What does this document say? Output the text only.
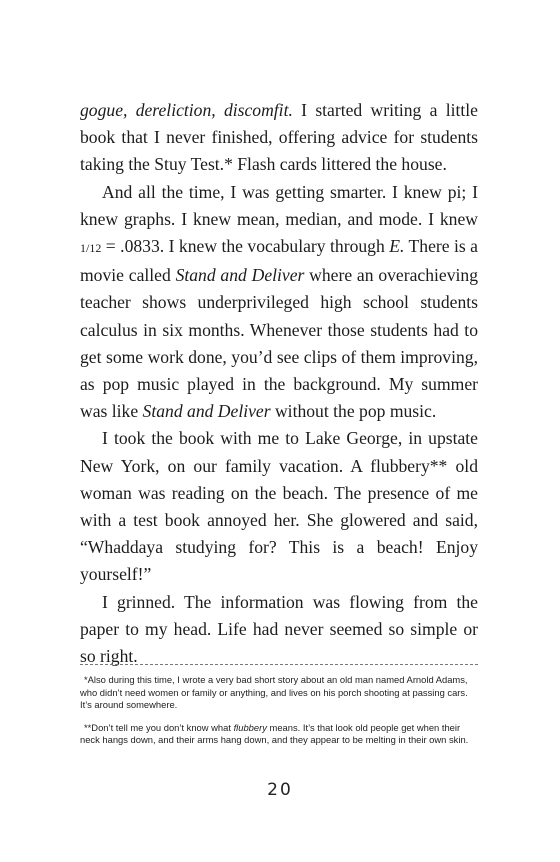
gogue, dereliction, discomfit. I started writing a little book that I never finished, offering advice for students taking the Stuy Test.* Flash cards littered the house.

And all the time, I was getting smarter. I knew pi; I knew graphs. I knew mean, median, and mode. I knew 1/12 = .0833. I knew the vocabulary through E. There is a movie called Stand and Deliver where an overachieving teacher shows underprivileged high school students calculus in six months. Whenever those students had to get some work done, you’d see clips of them improving, as pop music played in the background. My summer was like Stand and Deliver without the pop music.

I took the book with me to Lake George, in upstate New York, on our family vacation. A flubbery** old woman was reading on the beach. The presence of me with a test book annoyed her. She glowered and said, “Whaddaya studying for? This is a beach! Enjoy yourself!”

I grinned. The information was flowing from the paper to my head. Life had never seemed so simple or so right.

*Also during this time, I wrote a very bad short story about an old man named Arnold Adams, who didn’t need women or family or anything, and lives on his porch shooting at passing cars. It’s around somewhere.

**Don’t tell me you don’t know what flubbery means. It’s that look old people get when their neck hangs down, and their arms hang down, and they appear to be melting in their own skin.

20
